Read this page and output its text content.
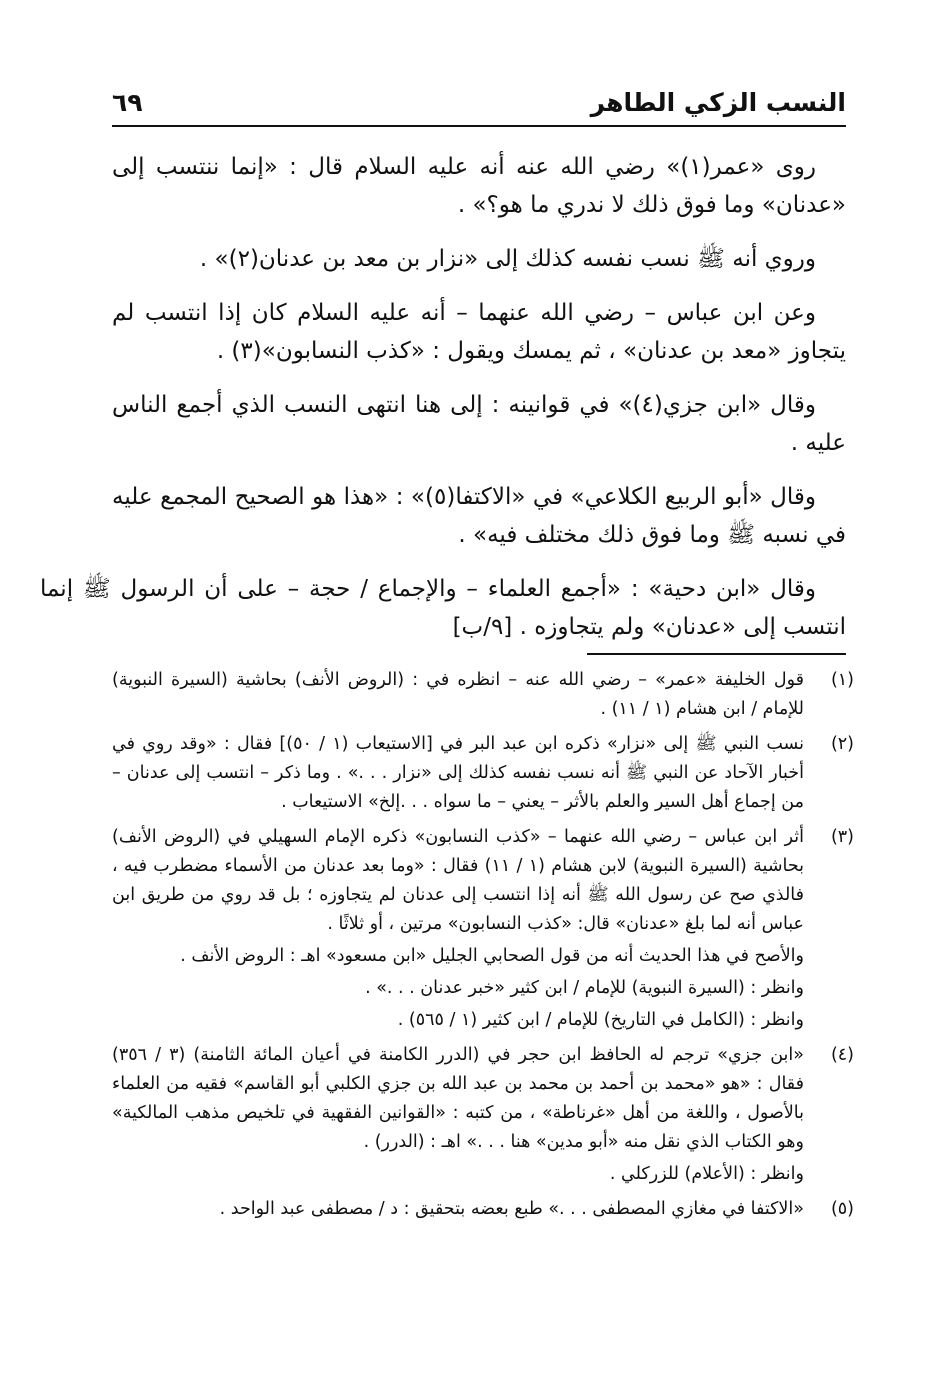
النسب الزكي الطاهر
٦٩

روى «عمر(١)» رضي الله عنه أنه عليه السلام قال : «إنما ننتسب إلى «عدنان» وما فوق ذلك لا ندري ما هو؟» .

وروي أنه ﷺ نسب نفسه كذلك إلى «نزار بن معد بن عدنان(٢)» .

وعن ابن عباس – رضي الله عنهما – أنه عليه السلام كان إذا انتسب لم يتجاوز «معد بن عدنان» ، ثم يمسك ويقول : «كذب النسابون»(٣) .

وقال «ابن جزي(٤)» في قوانينه : إلى هنا انتهى النسب الذي أجمع الناس عليه .

وقال «أبو الربيع الكلاعي» في «الاكتفا(٥)» : «هذا هو الصحيح المجمع عليه في نسبه ﷺ وما فوق ذلك مختلف فيه» .

وقال «ابن دحية» : «أجمع العلماء – والإجماع / حجة – على أن الرسول ﷺ إنما انتسب إلى «عدنان» ولم يتجاوزه . [٩/ب]

(١)
قول الخليفة «عمر» – رضي الله عنه – انظره في : (الروض الأنف) بحاشية (السيرة النبوية) للإمام / ابن هشام (١ / ١١) .
(٢)
نسب النبي ﷺ إلى «نزار» ذكره ابن عبد البر في [الاستيعاب (١ / ٥٠)] فقال : «وقد روي في أخبار الآحاد عن النبي ﷺ أنه نسب نفسه كذلك إلى «نزار . . .» . وما ذكر – انتسب إلى عدنان – من إجماع أهل السير والعلم بالأثر – يعني – ما سواه . . .إلخ» الاستيعاب .
(٣)
أثر ابن عباس – رضي الله عنهما – «كذب النسابون» ذكره الإمام السهيلي في (الروض الأنف) بحاشية (السيرة النبوية) لابن هشام (١ / ١١) فقال : «وما بعد عدنان من الأسماء مضطرب فيه ، فالذي صح عن رسول الله ﷺ أنه إذا انتسب إلى عدنان لم يتجاوزه ؛ بل قد روي من طريق ابن عباس أنه لما بلغ «عدنان» قال: «كذب النسابون» مرتين ، أو ثلاثًا .
والأصح في هذا الحديث أنه من قول الصحابي الجليل «ابن مسعود» اهـ : الروض الأنف .
وانظر : (السيرة النبوية) للإمام / ابن كثير «خبر عدنان . . .» .
وانظر : (الكامل في التاريخ) للإمام / ابن كثير (١ / ٥٦٥) .
(٤)
«ابن جزي» ترجم له الحافظ ابن حجر في (الدرر الكامنة في أعيان المائة الثامنة) (٣ / ٣٥٦) فقال : «هو «محمد بن أحمد بن محمد بن عبد الله بن جزي الكلبي أبو القاسم» فقيه من العلماء بالأصول ، واللغة من أهل «غرناطة» ، من كتبه : «القوانين الفقهية في تلخيص مذهب المالكية» وهو الكتاب الذي نقل منه «أبو مدين» هنا . . .» اهـ : (الدرر) .
وانظر : (الأعلام) للزركلي .
(٥)
«الاكتفا في مغازي المصطفى . . .» طبع بعضه بتحقيق : د / مصطفى عبد الواحد .
